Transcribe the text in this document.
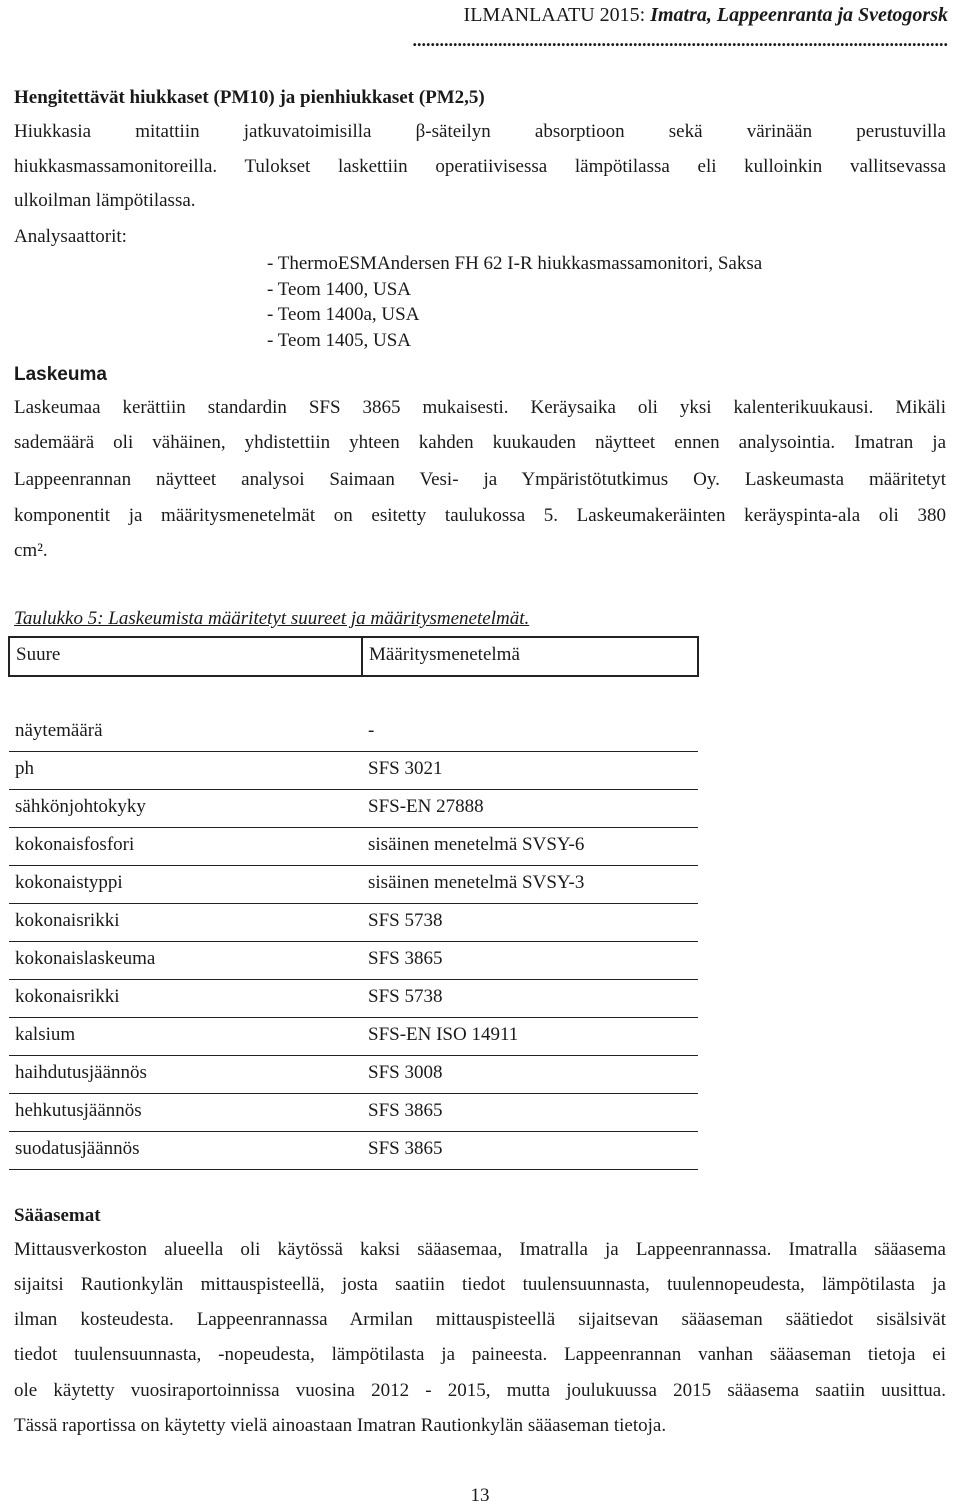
ILMANLAATU 2015: Imatra, Lappeenranta ja Svetogorsk
.......................................................................................................................
Hengitettävät hiukkaset (PM10) ja pienhiukkaset (PM2,5)
Hiukkasia mitattiin jatkuvatoimisilla β-säteilyn absorptioon sekä värinään perustuvilla
hiukkasmassamonitoreilla. Tulokset laskettiin operatiivisessa lämpötilassa eli kulloinkin vallitsevassa
ulkoilman lämpötilassa.
Analysaattorit:
- ThermoESMAndersen FH 62 I-R hiukkasmassamonitori, Saksa
- Teom 1400, USA
- Teom 1400a, USA
- Teom 1405, USA
Laskeuma
Laskeumaa kerättiin standardin SFS 3865 mukaisesti. Keräysaika oli yksi kalenterikuukausi. Mikäli
sademäärä oli vähäinen, yhdistettiin yhteen kahden kuukauden näytteet ennen analysointia. Imatran ja
Lappeenrannan näytteet analysoi Saimaan Vesi- ja Ympäristötutkimus Oy. Laskeumasta määritetyt
komponentit ja määritysmenetelmät on esitetty taulukossa 5. Laskeumakeräinten keräyspinta-ala oli 380
cm².
Taulukko 5: Laskeumista määritetyt suureet ja määritysmenetelmät.
Suure	Määritysmenetelmä

näytemäärä	-
ph	SFS 3021
sähkönjohtokyky	SFS-EN 27888
kokonaisfosfori	sisäinen menetelmä SVSY-6
kokonaistyppi	sisäinen menetelmä SVSY-3
kokonaisrikki	SFS 5738
kokonaislaskeuma	SFS 3865
kokonaisrikki	SFS 5738
kalsium	SFS-EN ISO 14911
haihdutusjäännös	SFS 3008
hehkutusjäännös	SFS 3865
suodatusjäännös	SFS 3865
Sääasemat
Mittausverkoston alueella oli käytössä kaksi sääasemaa, Imatralla ja Lappeenrannassa. Imatralla sääasema
sijaitsi Rautionkylän mittauspisteellä, josta saatiin tiedot tuulensuunnasta, tuulennopeudesta, lämpötilasta ja
ilman kosteudesta. Lappeenrannassa Armilan mittauspisteellä sijaitsevan sääaseman säätiedot sisälsivät
tiedot tuulensuunnasta, -nopeudesta, lämpötilasta ja paineesta. Lappeenrannan vanhan sääaseman tietoja ei
ole käytetty vuosiraportoinnissa vuosina 2012 - 2015, mutta joulukuussa 2015 sääasema saatiin uusittua.
Tässä raportissa on käytetty vielä ainoastaan Imatran Rautionkylän sääaseman tietoja.
13
